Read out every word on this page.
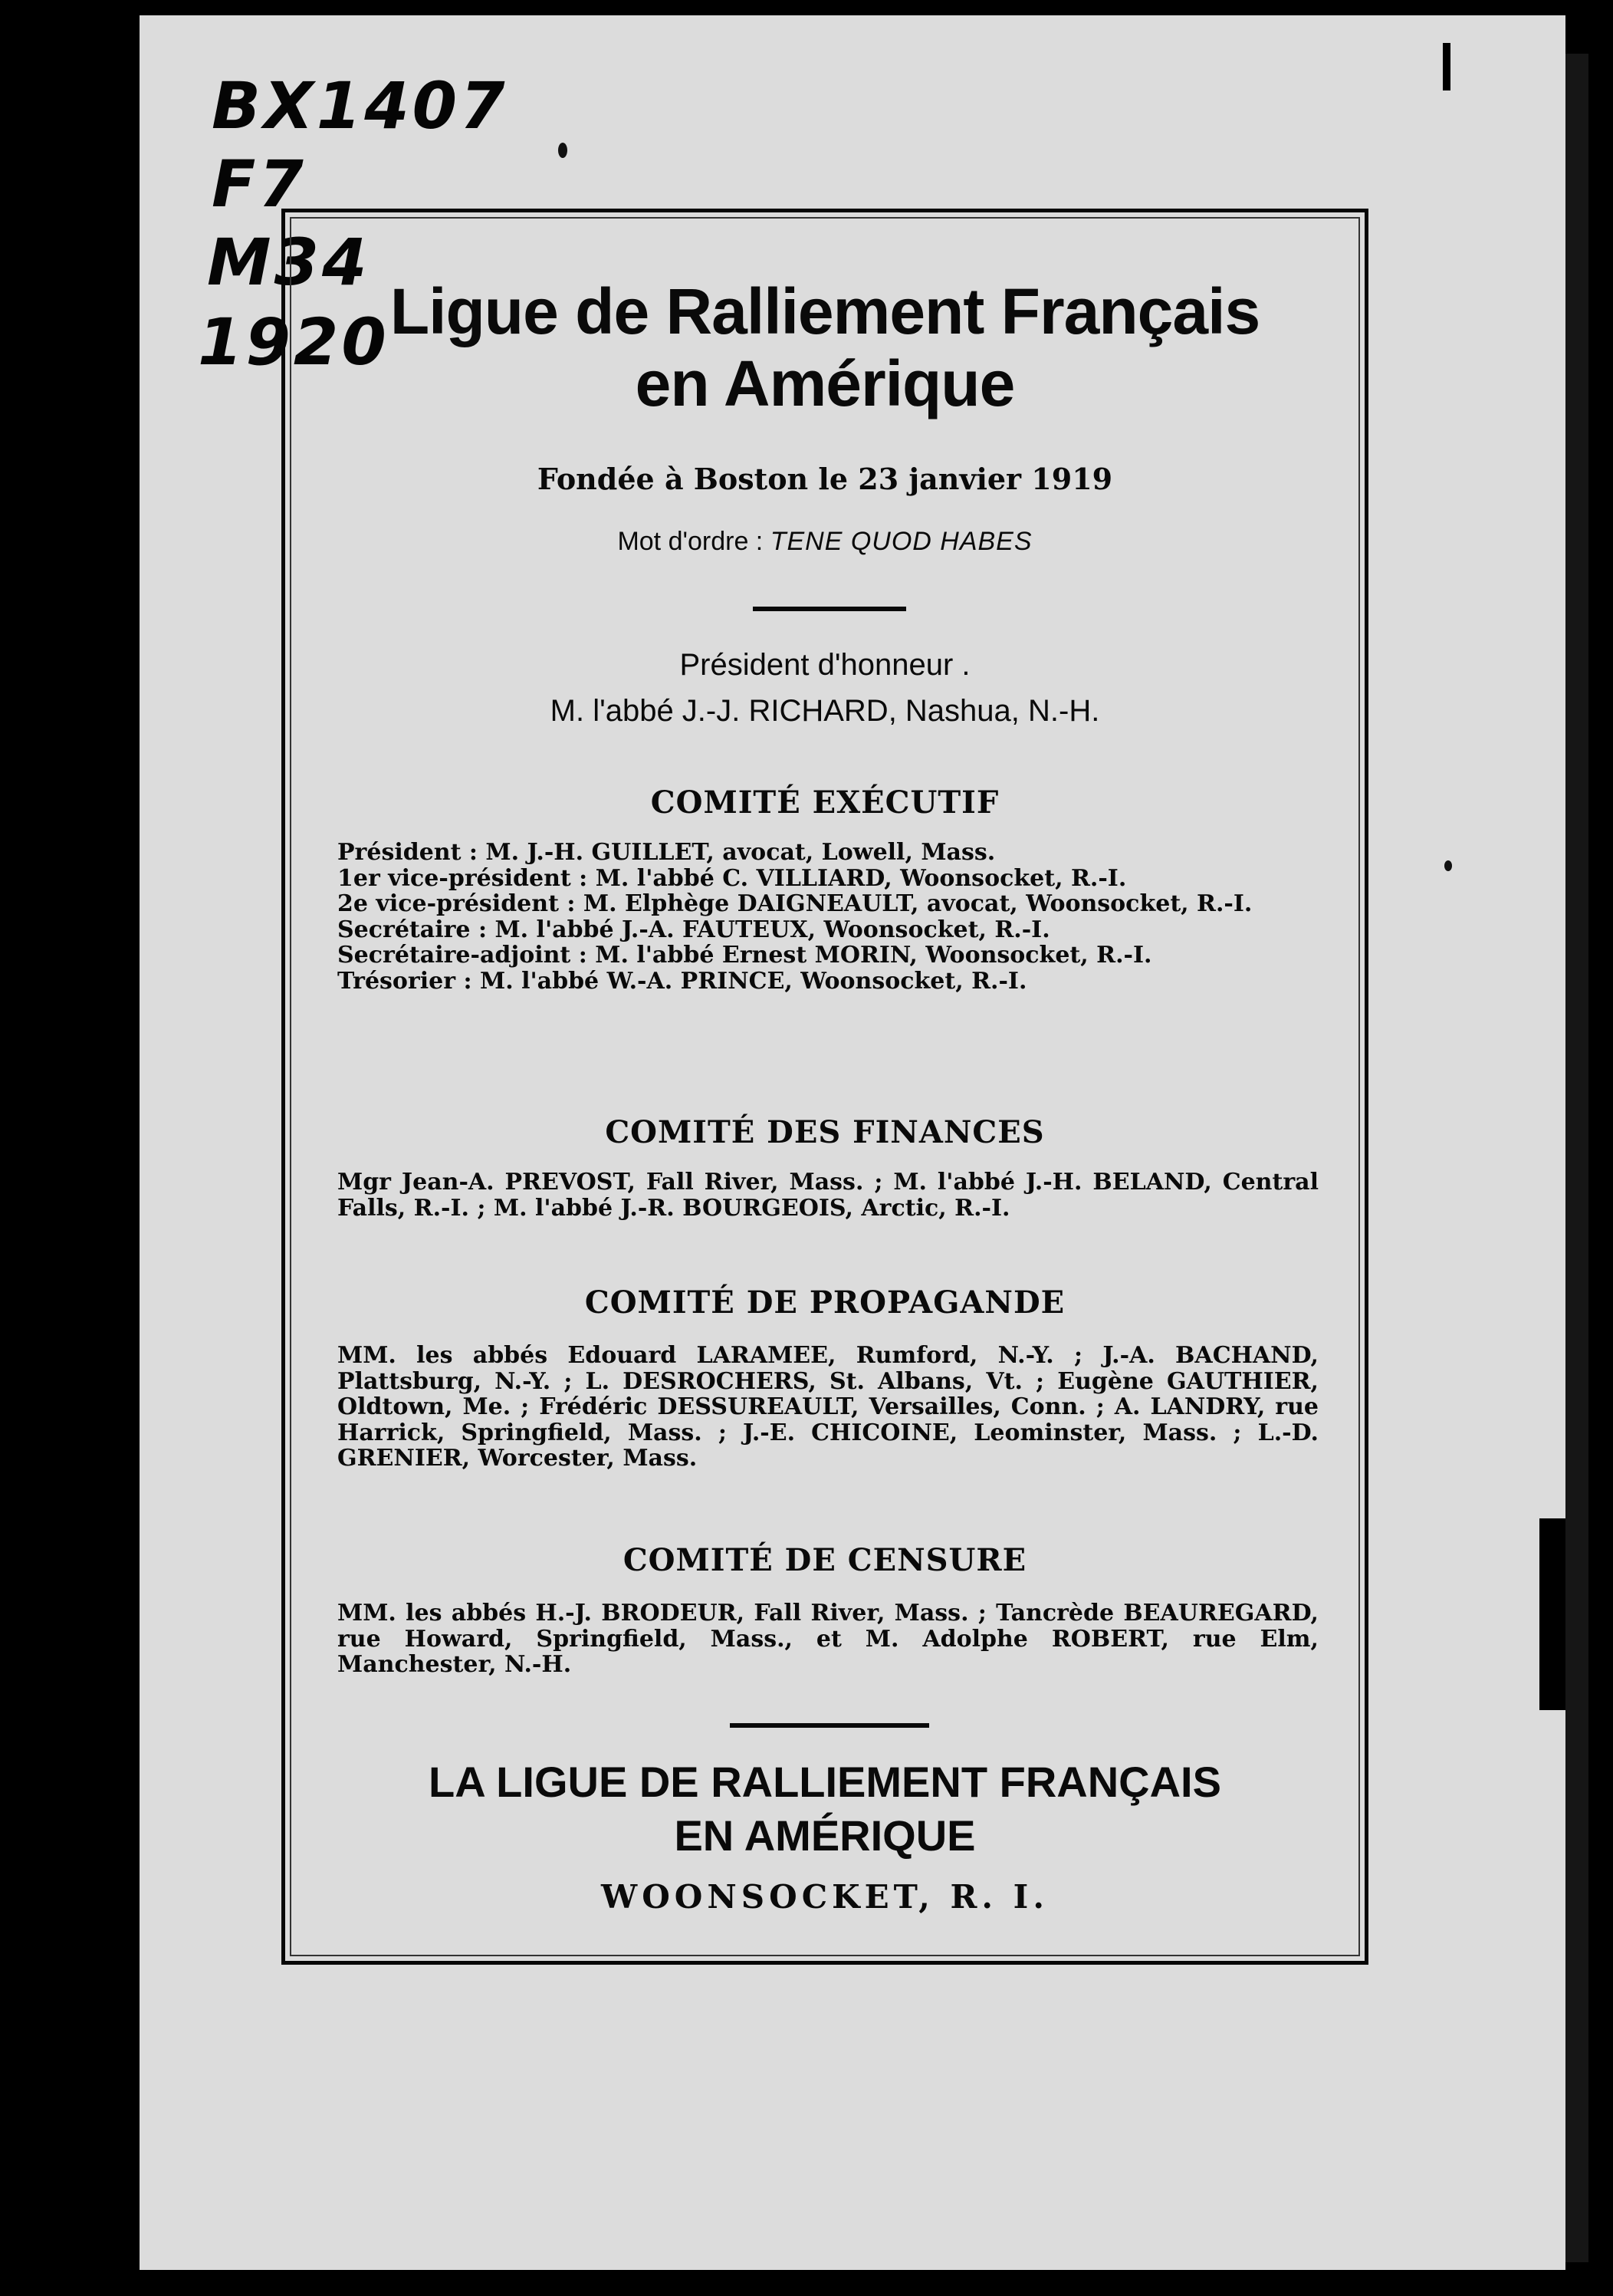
BX1407
F7
M34
1920 Ligue de Ralliement Français
en Amérique
Fondée à Boston le 23 janvier 1919
Mot d'ordre : TENE QUOD HABES
Président d'honneur .
M. l'abbé J.-J. RICHARD, Nashua, N.-H.
COMITÉ EXÉCUTIF
Président : M. J.-H. GUILLET, avocat, Lowell, Mass.
1er vice-président : M. l'abbé C. VILLIARD, Woonsocket, R.-I.
2e vice-président : M. Elphège DAIGNEAULT, avocat, Woonsocket, R.-I.
Secrétaire : M. l'abbé J.-A. FAUTEUX, Woonsocket, R.-I.
Secrétaire-adjoint : M. l'abbé Ernest MORIN, Woonsocket, R.-I.
Trésorier : M. l'abbé W.-A. PRINCE, Woonsocket, R.-I.
COMITÉ DES FINANCES
Mgr Jean-A. PREVOST, Fall River, Mass. ; M. l'abbé J.-H. BELAND, Central Falls, R.-I. ; M. l'abbé J.-R. BOURGEOIS, Arctic, R.-I.
COMITÉ DE PROPAGANDE
MM. les abbés Edouard LARAMEE, Rumford, N.-Y. ; J.-A. BACHAND, Plattsburg, N.-Y. ; L. DESROCHERS, St. Albans, Vt. ; Eugène GAUTHIER, Oldtown, Me. ; Frédéric DESSUREAULT, Versailles, Conn. ; A. LANDRY, rue Harrick, Springfield, Mass. ; J.-E. CHICOINE, Leominster, Mass. ; L.-D. GRENIER, Worcester, Mass.
COMITÉ DE CENSURE
MM. les abbés H.-J. BRODEUR, Fall River, Mass. ; Tancrède BEAUREGARD, rue Howard, Springfield, Mass., et M. Adolphe ROBERT, rue Elm, Manchester, N.-H.
LA LIGUE DE RALLIEMENT FRANÇAIS
EN AMÉRIQUE
WOONSOCKET, R. I.
